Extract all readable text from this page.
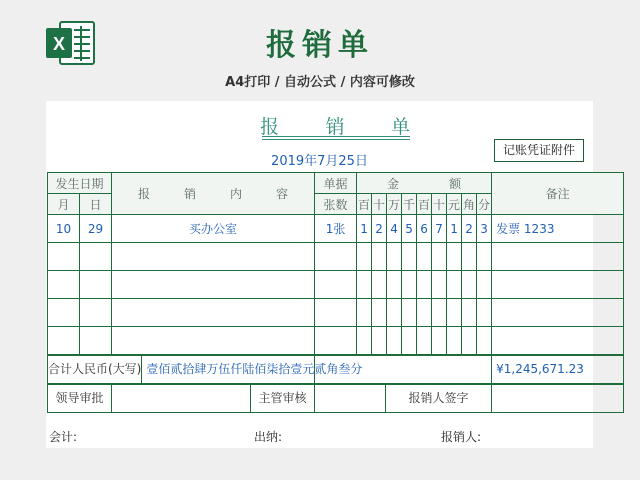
X	报销单
A4打印 / 自动公式 / 内容可修改
报 销 单
记账凭证附件
2019年7月25日
发生日期		报 销 内 容	单据	金 额									备注
月	日		张数	百	十	万	千	百	十	元	角	分	
10	29	买办公室	1张	1	2	4	5	6	7	1	2	3	发票 1233

合计人民币(大写) 壹佰贰拾肆万伍仟陆佰柒拾壹元贰角叁分													¥1,245,671.23

领导审批 主管审核			报销人签字										

会计:	出纳:	报销人:
